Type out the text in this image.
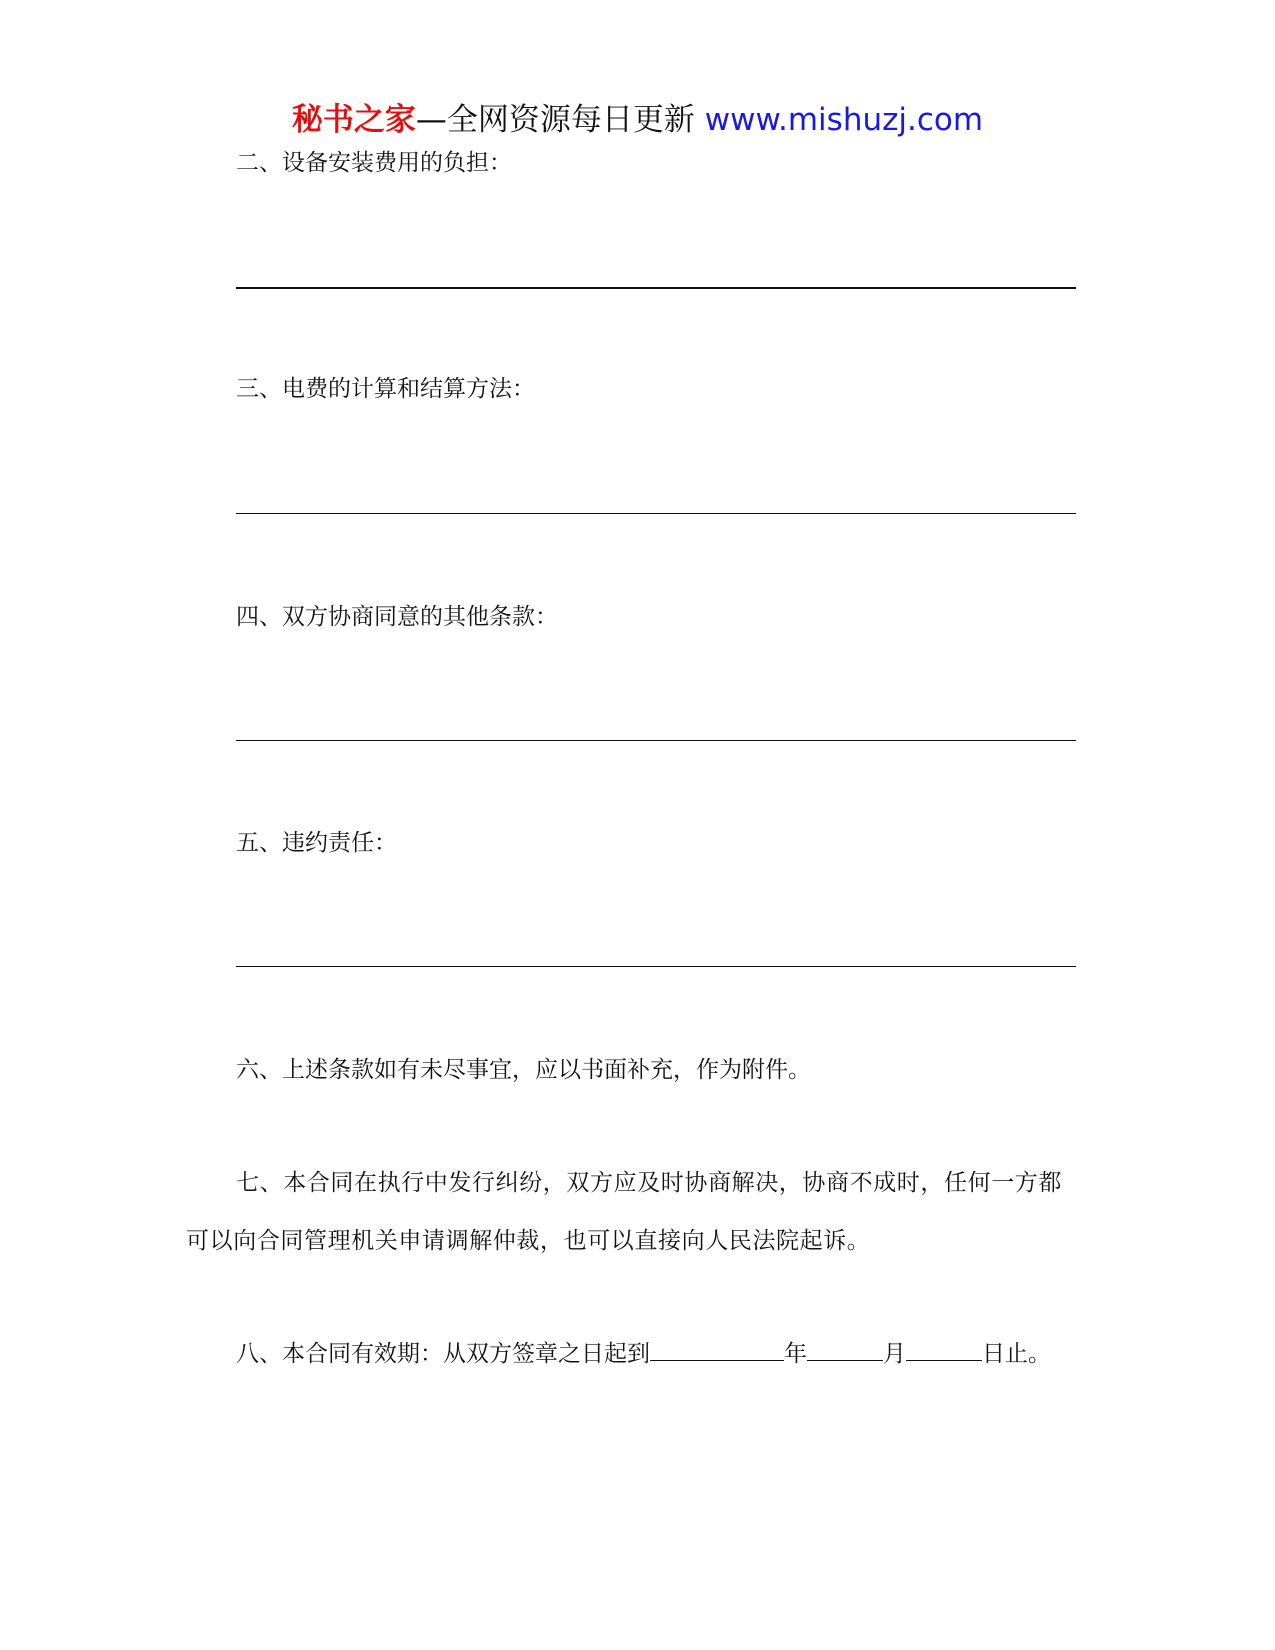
秘书之家—全网资源每日更新 www.mishuzj.com
二、设备安装费用的负担：
三、电费的计算和结算方法：
四、双方协商同意的其他条款：
五、违约责任：
六、上述条款如有未尽事宜，应以书面补充，作为附件。
七、本合同在执行中发行纠纷，双方应及时协商解决，协商不成时，任何一方都可以向合同管理机关申请调解仲裁，也可以直接向人民法院起诉。
八、本合同有效期：从双方签章之日起到	年	月	日止。
